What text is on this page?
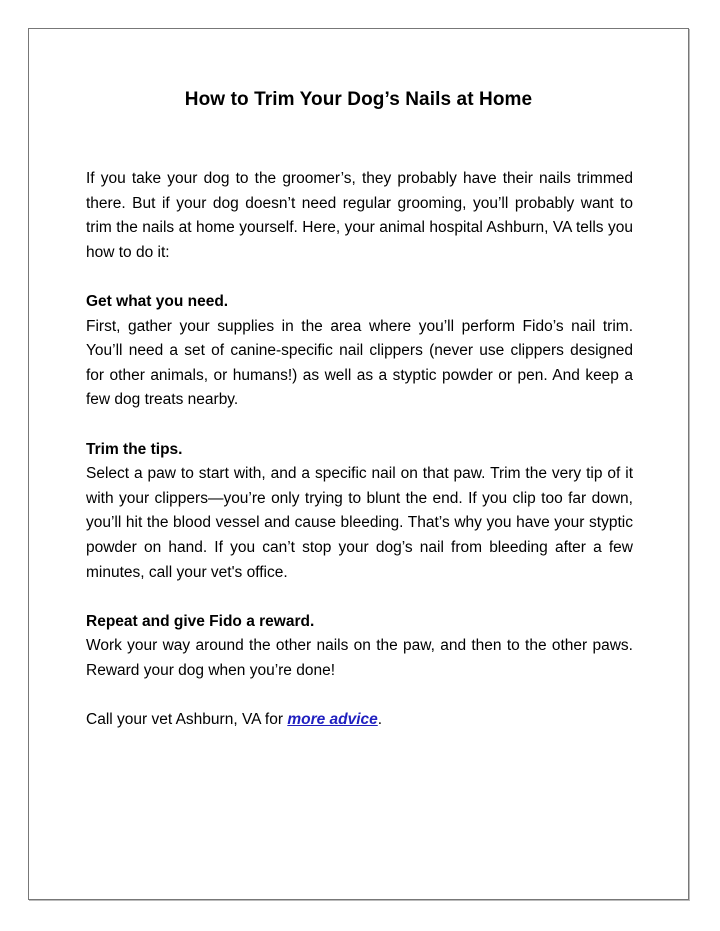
How to Trim Your Dog’s Nails at Home

If you take your dog to the groomer’s, they probably have their nails trimmed there. But if your dog doesn’t need regular grooming, you’ll probably want to trim the nails at home yourself. Here, your animal hospital Ashburn, VA tells you how to do it:

Get what you need.

First, gather your supplies in the area where you’ll perform Fido’s nail trim. You’ll need a set of canine-specific nail clippers (never use clippers designed for other animals, or humans!) as well as a styptic powder or pen. And keep a few dog treats nearby.

Trim the tips.

Select a paw to start with, and a specific nail on that paw. Trim the very tip of it with your clippers—you’re only trying to blunt the end. If you clip too far down, you’ll hit the blood vessel and cause bleeding. That’s why you have your styptic powder on hand. If you can’t stop your dog’s nail from bleeding after a few minutes, call your vet's office.

Repeat and give Fido a reward.

Work your way around the other nails on the paw, and then to the other paws. Reward your dog when you’re done!

Call your vet Ashburn, VA for more advice.
